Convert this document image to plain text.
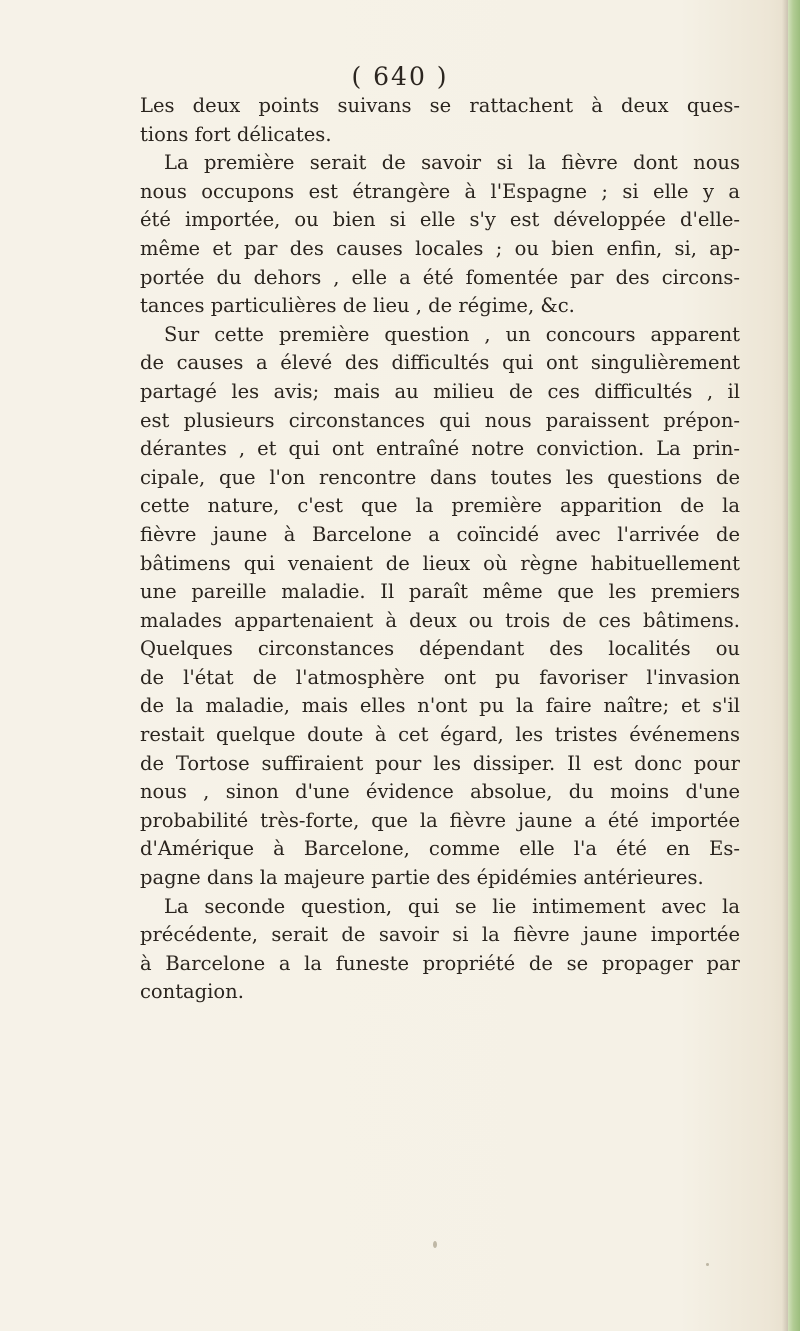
( 640 )
Les deux points suivans se rattachent à deux ques-
tions fort délicates.
La première serait de savoir si la fièvre dont nous
nous occupons est étrangère à l'Espagne ; si elle y a
été importée, ou bien si elle s'y est développée d'elle-
même et par des causes locales ; ou bien enfin, si, ap-
portée du dehors , elle a été fomentée par des circons-
tances particulières de lieu , de régime, &c.
Sur cette première question , un concours apparent
de causes a élevé des difficultés qui ont singulièrement
partagé les avis; mais au milieu de ces difficultés , il
est plusieurs circonstances qui nous paraissent prépon-
dérantes , et qui ont entraîné notre conviction. La prin-
cipale, que l'on rencontre dans toutes les questions de
cette nature, c'est que la première apparition de la
fièvre jaune à Barcelone a coïncidé avec l'arrivée de
bâtimens qui venaient de lieux où règne habituellement
une pareille maladie. Il paraît même que les premiers
malades appartenaient à deux ou trois de ces bâtimens.
Quelques circonstances dépendant des localités ou
de l'état de l'atmosphère ont pu favoriser l'invasion
de la maladie, mais elles n'ont pu la faire naître; et s'il
restait quelque doute à cet égard, les tristes événemens
de Tortose suffiraient pour les dissiper. Il est donc pour
nous , sinon d'une évidence absolue, du moins d'une
probabilité très-forte, que la fièvre jaune a été importée
d'Amérique à Barcelone, comme elle l'a été en Es-
pagne dans la majeure partie des épidémies antérieures.
La seconde question, qui se lie intimement avec la
précédente, serait de savoir si la fièvre jaune importée
à Barcelone a la funeste propriété de se propager par
contagion.
